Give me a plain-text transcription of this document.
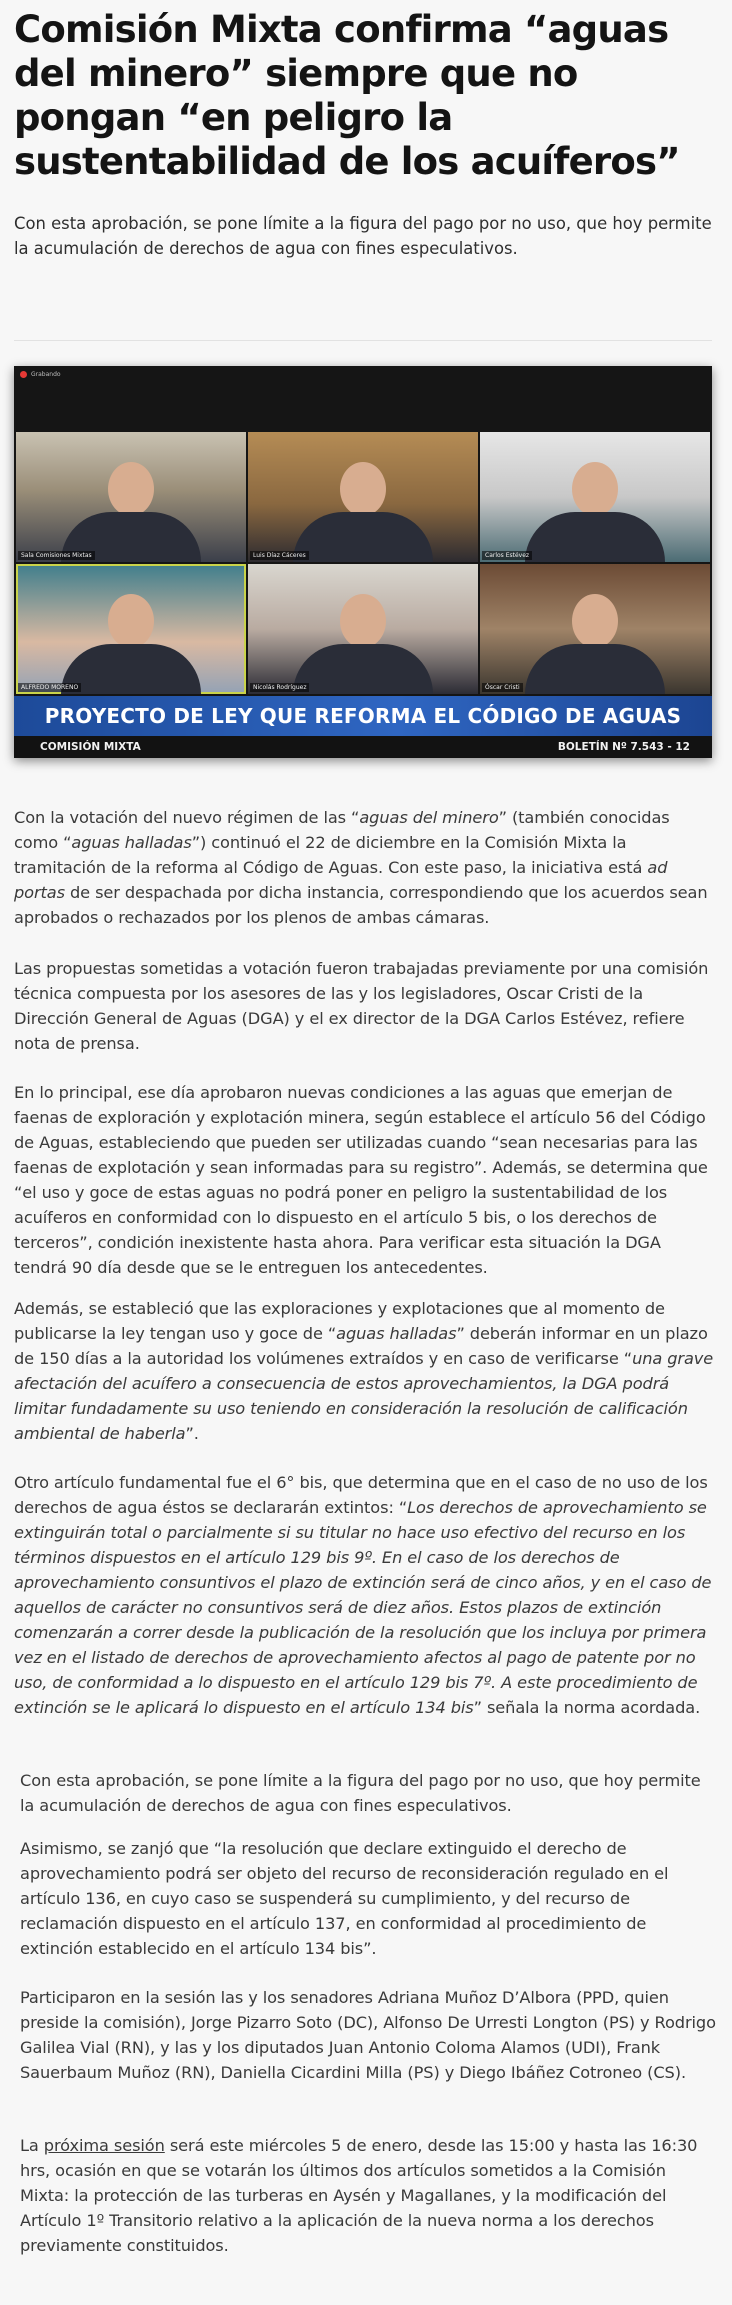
Comisión Mixta confirma “aguas del minero” siempre que no pongan “en peligro la sustentabilidad de los acuíferos”

Con esta aprobación, se pone límite a la figura del pago por no uso, que hoy permite la acumulación de derechos de agua con fines especulativos.

Grabando
Sala Comisiones Mixtas	Luis Díaz Cáceres	Carlos Estévez
ALFREDO MORENO	Nicolás Rodríguez	Óscar Cristi
PROYECTO DE LEY QUE REFORMA EL CÓDIGO DE AGUAS
COMISIÓN MIXTA	BOLETÍN Nº 7.543 - 12

Con la votación del nuevo régimen de las “aguas del minero” (también conocidas como “aguas halladas”) continuó el 22 de diciembre en la Comisión Mixta la tramitación de la reforma al Código de Aguas. Con este paso, la iniciativa está ad portas de ser despachada por dicha instancia, correspondiendo que los acuerdos sean aprobados o rechazados por los plenos de ambas cámaras.

Las propuestas sometidas a votación fueron trabajadas previamente por una comisión técnica compuesta por los asesores de las y los legisladores, Oscar Cristi de la Dirección General de Aguas (DGA) y el ex director de la DGA Carlos Estévez, refiere nota de prensa.

En lo principal, ese día aprobaron nuevas condiciones a las aguas que emerjan de faenas de exploración y explotación minera, según establece el artículo 56 del Código de Aguas, estableciendo que pueden ser utilizadas cuando “sean necesarias para las faenas de explotación y sean informadas para su registro”. Además, se determina que “el uso y goce de estas aguas no podrá poner en peligro la sustentabilidad de los acuíferos en conformidad con lo dispuesto en el artículo 5 bis, o los derechos de terceros”, condición inexistente hasta ahora. Para verificar esta situación la DGA tendrá 90 día desde que se le entreguen los antecedentes.

Además, se estableció que las exploraciones y explotaciones que al momento de publicarse la ley tengan uso y goce de “aguas halladas” deberán informar en un plazo de 150 días a la autoridad los volúmenes extraídos y en caso de verificarse “una grave afectación del acuífero a consecuencia de estos aprovechamientos, la DGA podrá limitar fundadamente su uso teniendo en consideración la resolución de calificación ambiental de haberla”.

Otro artículo fundamental fue el 6° bis, que determina que en el caso de no uso de los derechos de agua éstos se declararán extintos: “Los derechos de aprovechamiento se extinguirán total o parcialmente si su titular no hace uso efectivo del recurso en los términos dispuestos en el artículo 129 bis 9º. En el caso de los derechos de aprovechamiento consuntivos el plazo de extinción será de cinco años, y en el caso de aquellos de carácter no consuntivos será de diez años. Estos plazos de extinción comenzarán a correr desde la publicación de la resolución que los incluya por primera vez en el listado de derechos de aprovechamiento afectos al pago de patente por no uso, de conformidad a lo dispuesto en el artículo 129 bis 7º. A este procedimiento de extinción se le aplicará lo dispuesto en el artículo 134 bis” señala la norma acordada.

Con esta aprobación, se pone límite a la figura del pago por no uso, que hoy permite la acumulación de derechos de agua con fines especulativos.

Asimismo, se zanjó que “la resolución que declare extinguido el derecho de aprovechamiento podrá ser objeto del recurso de reconsideración regulado en el artículo 136, en cuyo caso se suspenderá su cumplimiento, y del recurso de reclamación dispuesto en el artículo 137, en conformidad al procedimiento de extinción establecido en el artículo 134 bis”.

Participaron en la sesión las y los senadores Adriana Muñoz D’Albora (PPD, quien preside la comisión), Jorge Pizarro Soto (DC), Alfonso De Urresti Longton (PS) y Rodrigo Galilea Vial (RN), y las y los diputados Juan Antonio Coloma Alamos (UDI), Frank Sauerbaum Muñoz (RN), Daniella Cicardini Milla (PS) y Diego Ibáñez Cotroneo (CS).

La próxima sesión será este miércoles 5 de enero, desde las 15:00 y hasta las 16:30 hrs, ocasión en que se votarán los últimos dos artículos sometidos a la Comisión Mixta: la protección de las turberas en Aysén y Magallanes, y la modificación del Artículo 1º Transitorio relativo a la aplicación de la nueva norma a los derechos previamente constituidos.
